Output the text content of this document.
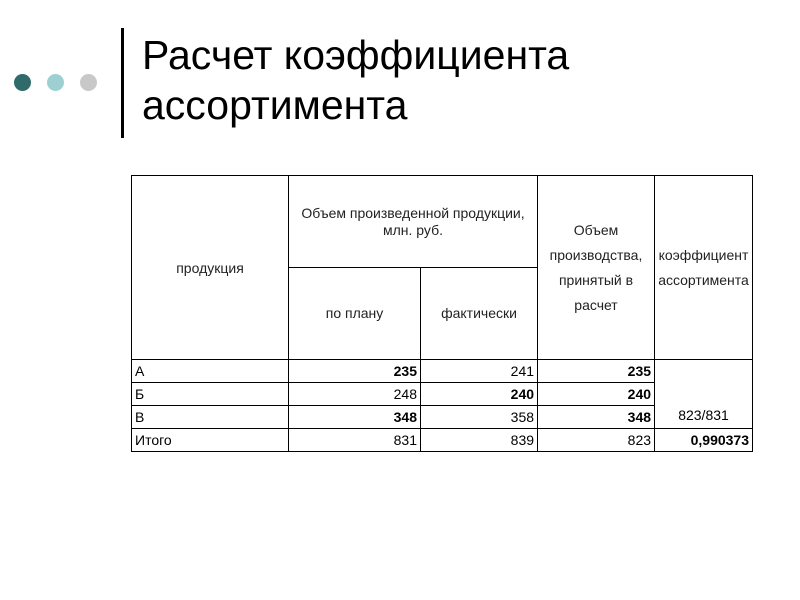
Расчет коэффициента
ассортимента
продукция	Объем произведенной продукции, млн. руб.		Объем производства, принятый в расчет	коэффициент ассортимента
	по плану	фактически		
А	235	241	235	823/831
Б	248	240	240	
В	348	358	348	
Итого	831	839	823	0,990373
